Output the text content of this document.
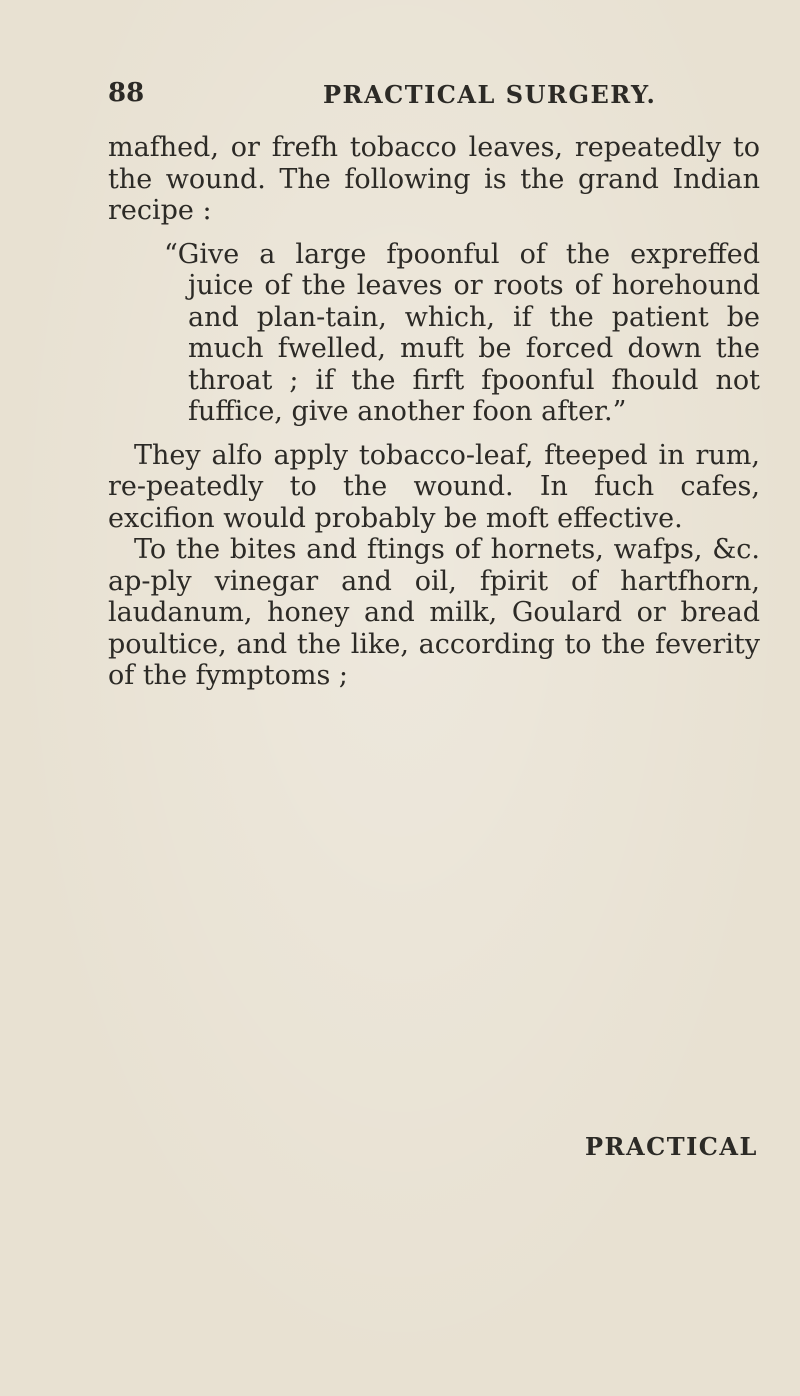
88	PRACTICAL SURGERY.

mafhed, or frefh tobacco leaves, repeatedly to the wound. The following is the grand Indian recipe :

“Give a large fpoonful of the expreffed juice of the leaves or roots of horehound and plan-tain, which, if the patient be much fwelled, muft be forced down the throat ; if the firft fpoonful fhould not fuffice, give another foon after.”

They alfo apply tobacco-leaf, fteeped in rum, re-peatedly to the wound. In fuch cafes, excifion would probably be moft effective.

To the bites and ftings of hornets, wafps, &c. ap-ply vinegar and oil, fpirit of hartfhorn, laudanum, honey and milk, Goulard or bread poultice, and the like, according to the feverity of the fymptoms ;

PRACTICAL
